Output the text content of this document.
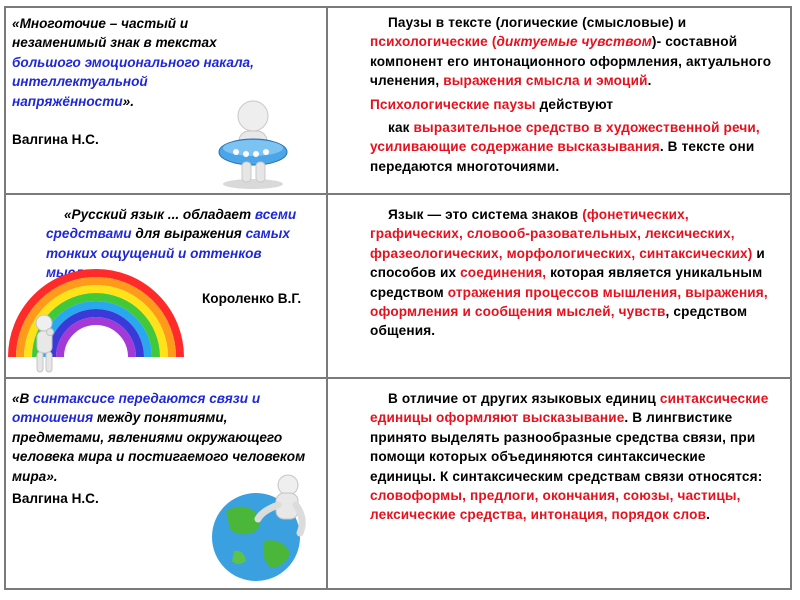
«Многоточие – частый и незаменимый знак в текстах большого эмоционального накала, интеллектуальной напряжённости».
Валгина Н.С.

Паузы в тексте (логические (смысловые) и психологические (диктуемые чувством)- составной компонент его интонационного оформления, актуального членения, выражения смысла и эмоций.

Психологические паузы действуют

как выразительное средство в художественной речи, усиливающие содержание высказывания. В тексте они передаются многоточиями.

«Русский язык ... обладает всеми средствами для выражения самых тонких ощущений и оттенков мысли».

Короленко В.Г.

Язык — это система знаков (фонетических, графических, словооб-разовательных, лексических, фразеологических, морфологических, синтаксических) и способов их соединения, которая является уникальным средством отражения процессов мышления, выражения, оформления и сообщения мыслей, чувств, средством общения.

«В синтаксисе передаются связи и отношения между понятиями, предметами, явлениями окружающего человека мира и постигаемого человеком мира».
Валгина Н.С.

В отличие от других языковых единиц синтаксические единицы оформляют высказывание. В лингвистике принято выделять разнообразные средства связи, при помощи которых объединяются синтаксические единицы. К синтаксическим средствам связи относятся: словоформы, предлоги, окончания, союзы, частицы, лексические средства, интонация, порядок слов.
